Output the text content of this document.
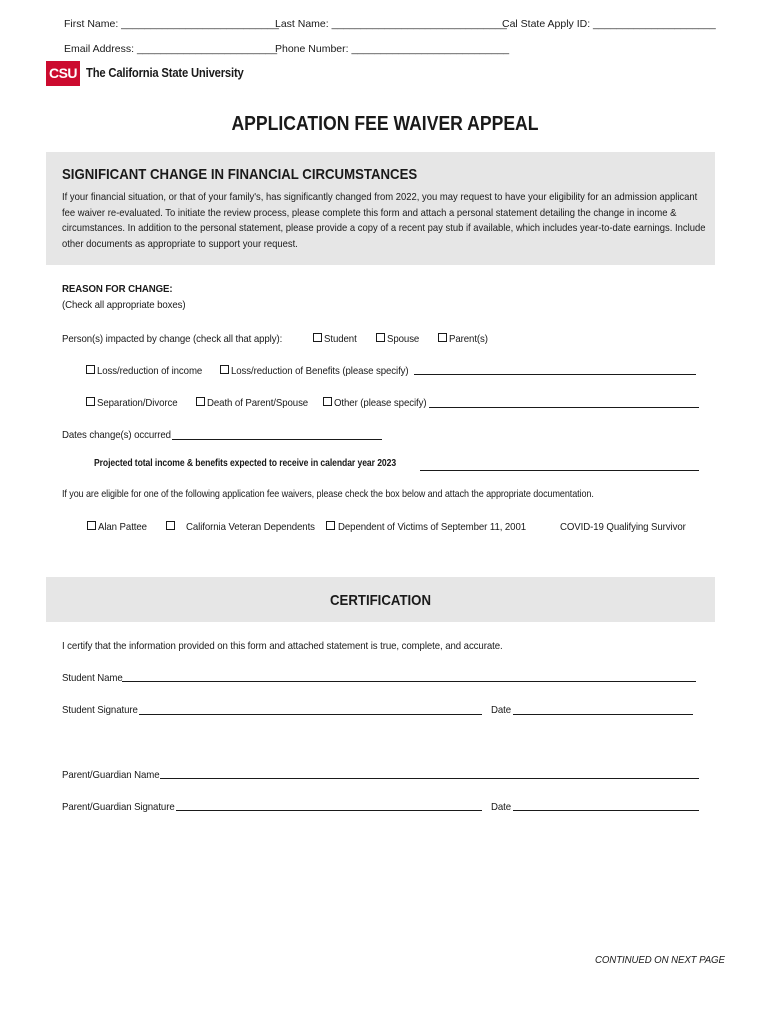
First Name: ___________________________
Last Name: ______________________________
Cal State Apply ID: _____________________
Email Address: ________________________
Phone Number: ___________________________
CSU The California State University
APPLICATION FEE WAIVER APPEAL
SIGNIFICANT CHANGE IN FINANCIAL CIRCUMSTANCES
If your financial situation, or that of your family's, has significantly changed from 2022, you may request to have your eligibility for an admission applicant fee waiver re-evaluated. To initiate the review process, please complete this form and attach a personal statement detailing the change in income & circumstances. In addition to the personal statement, please provide a copy of a recent pay stub if available, which includes year-to-date earnings. Include other documents as appropriate to support your request.
REASON FOR CHANGE:
(Check all appropriate boxes)
Person(s) impacted by change (check all that apply):	Student	Spouse	Parent(s)
Loss/reduction of income	Loss/reduction of Benefits (please specify)
Separation/Divorce	Death of Parent/Spouse Other (please specify)
Dates change(s) occurred
Projected total income & benefits expected to receive in calendar year 2023
If you are eligible for one of the following application fee waivers, please check the box below and attach the appropriate documentation.
Alan Pattee	California Veteran Dependents Dependent of Victims of September 11, 2001	COVID-19 Qualifying Survivor
CERTIFICATION
I certify that the information provided on this form and attached statement is true, complete, and accurate.
Student Name
Student Signature	Date
Parent/Guardian Name
Parent/Guardian Signature	Date
CONTINUED ON NEXT PAGE
